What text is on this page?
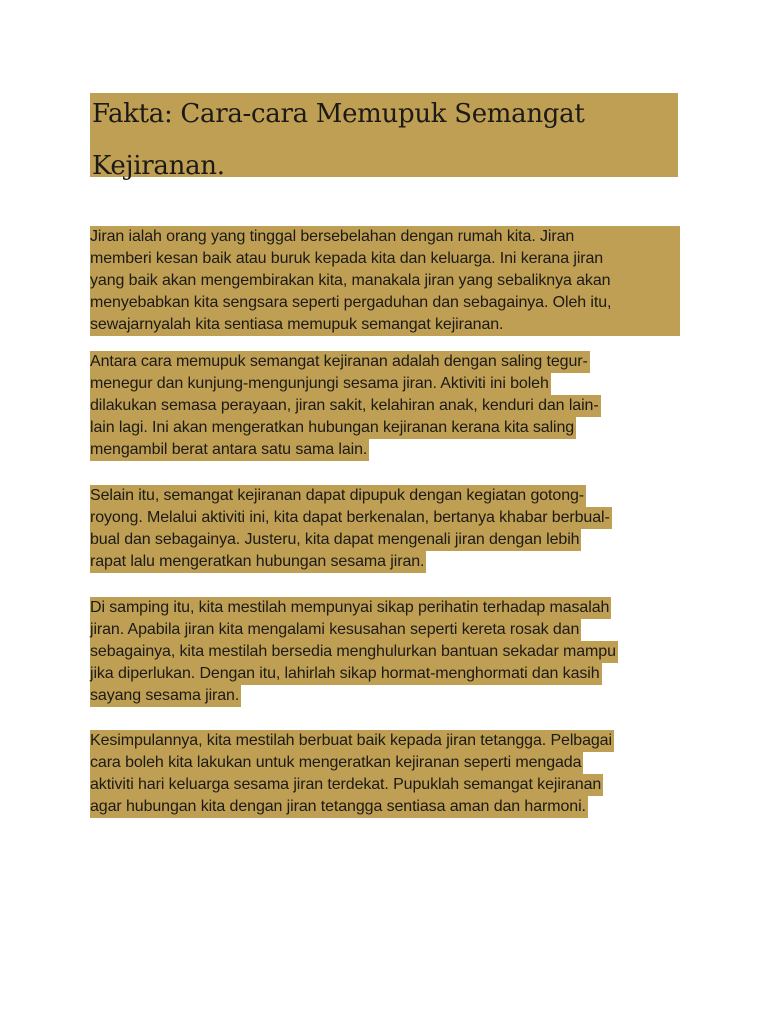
Fakta: Cara-cara Memupuk Semangat
Kejiranan.
Jiran ialah orang yang tinggal bersebelahan dengan rumah kita. Jiran
memberi kesan baik atau buruk kepada kita dan keluarga. Ini kerana jiran
yang baik akan mengembirakan kita, manakala jiran yang sebaliknya akan
menyebabkan kita sengsara seperti pergaduhan dan sebagainya. Oleh itu,
sewajarnyalah kita sentiasa memupuk semangat kejiranan.
Antara cara memupuk semangat kejiranan adalah dengan saling tegur-
menegur dan kunjung-mengunjungi sesama jiran. Aktiviti ini boleh
dilakukan semasa perayaan, jiran sakit, kelahiran anak, kenduri dan lain-
lain lagi. Ini akan mengeratkan hubungan kejiranan kerana kita saling
mengambil berat antara satu sama lain.
Selain itu, semangat kejiranan dapat dipupuk dengan kegiatan gotong-
royong. Melalui aktiviti ini, kita dapat berkenalan, bertanya khabar berbual-
bual dan sebagainya. Justeru, kita dapat mengenali jiran dengan lebih
rapat lalu mengeratkan hubungan sesama jiran.
Di samping itu, kita mestilah mempunyai sikap perihatin terhadap masalah
jiran. Apabila jiran kita mengalami kesusahan seperti kereta rosak dan
sebagainya, kita mestilah bersedia menghulurkan bantuan sekadar mampu
jika diperlukan. Dengan itu, lahirlah sikap hormat-menghormati dan kasih
sayang sesama jiran.
Kesimpulannya, kita mestilah berbuat baik kepada jiran tetangga. Pelbagai
cara boleh kita lakukan untuk mengeratkan kejiranan seperti mengada
aktiviti hari keluarga sesama jiran terdekat. Pupuklah semangat kejiranan
agar hubungan kita dengan jiran tetangga sentiasa aman dan harmoni.
